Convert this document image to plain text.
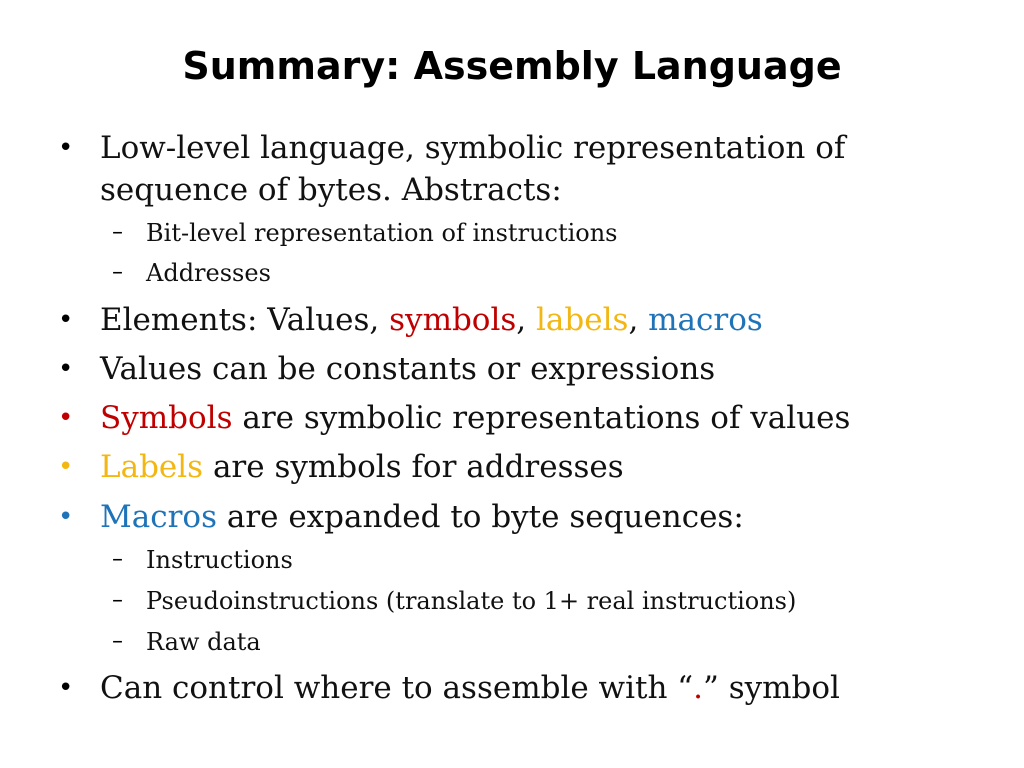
Summary: Assembly Language
• Low-level language, symbolic representation of
sequence of bytes. Abstracts:
– Bit-level representation of instructions
– Addresses
• Elements: Values, symbols, labels, macros
• Values can be constants or expressions
• Symbols are symbolic representations of values
• Labels are symbols for addresses
• Macros are expanded to byte sequences:
– Instructions
– Pseudoinstructions (translate to 1+ real instructions)
– Raw data
• Can control where to assemble with “.” symbol
